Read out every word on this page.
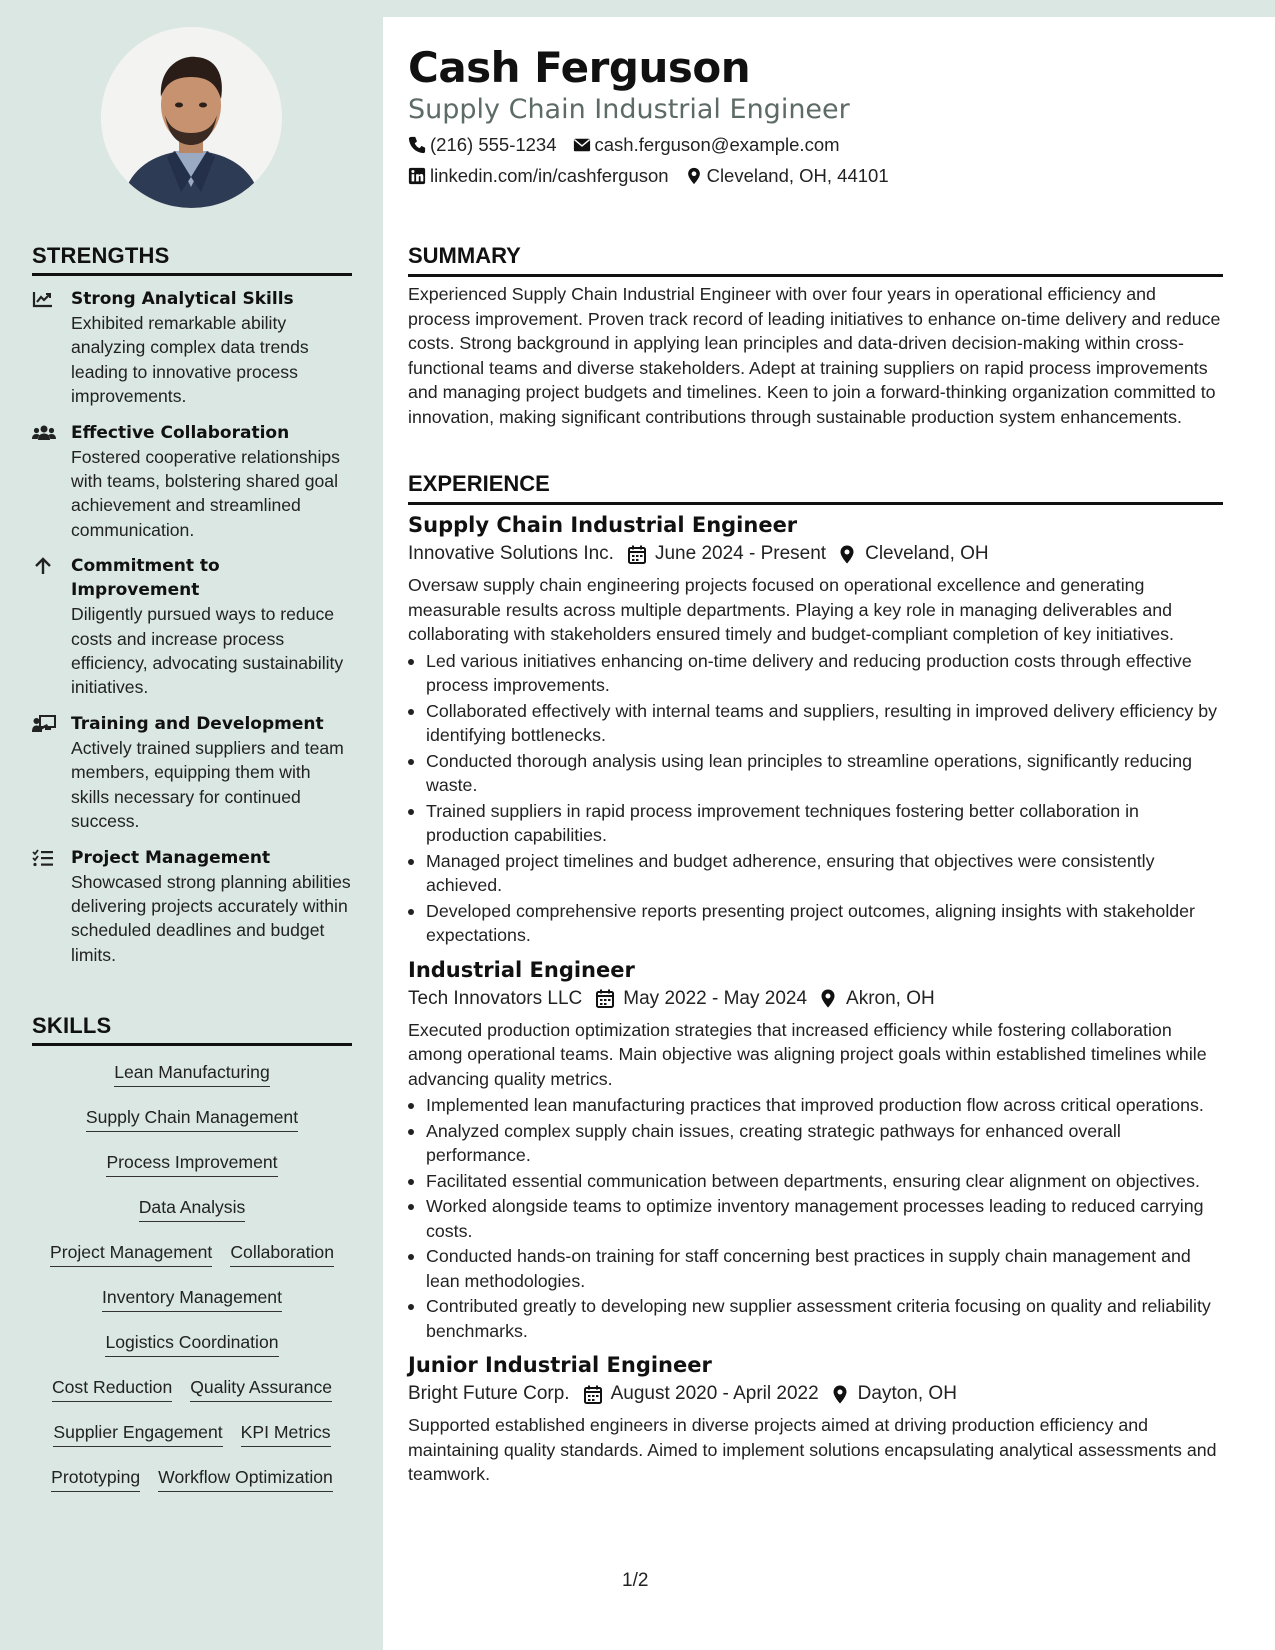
STRENGTHS
Strong Analytical Skills
Exhibited remarkable ability analyzing complex data trends leading to innovative process improvements.
Effective Collaboration
Fostered cooperative relationships with teams, bolstering shared goal achievement and streamlined communication.
Commitment to Improvement
Diligently pursued ways to reduce costs and increase process efficiency, advocating sustainability initiatives.
Training and Development
Actively trained suppliers and team members, equipping them with skills necessary for continued success.
Project Management
Showcased strong planning abilities delivering projects accurately within scheduled deadlines and budget limits.
SKILLS
Lean Manufacturing
Supply Chain Management
Process Improvement
Data Analysis
Project Management Collaboration
Inventory Management
Logistics Coordination
Cost Reduction Quality Assurance
Supplier Engagement KPI Metrics
Prototyping Workflow Optimization
Cash Ferguson
Supply Chain Industrial Engineer
(216) 555-1234 cash.ferguson@example.com
linkedin.com/in/cashferguson Cleveland, OH, 44101
SUMMARY
Experienced Supply Chain Industrial Engineer with over four years in operational efficiency and process improvement. Proven track record of leading initiatives to enhance on-time delivery and reduce costs. Strong background in applying lean principles and data-driven decision-making within cross-functional teams and diverse stakeholders. Adept at training suppliers on rapid process improvements and managing project budgets and timelines. Keen to join a forward-thinking organization committed to innovation, making significant contributions through sustainable production system enhancements.
EXPERIENCE
Supply Chain Industrial Engineer
Innovative Solutions Inc. June 2024 - Present Cleveland, OH
Oversaw supply chain engineering projects focused on operational excellence and generating measurable results across multiple departments. Playing a key role in managing deliverables and collaborating with stakeholders ensured timely and budget-compliant completion of key initiatives.
Led various initiatives enhancing on-time delivery and reducing production costs through effective process improvements.
Collaborated effectively with internal teams and suppliers, resulting in improved delivery efficiency by identifying bottlenecks.
Conducted thorough analysis using lean principles to streamline operations, significantly reducing waste.
Trained suppliers in rapid process improvement techniques fostering better collaboration in production capabilities.
Managed project timelines and budget adherence, ensuring that objectives were consistently achieved.
Developed comprehensive reports presenting project outcomes, aligning insights with stakeholder expectations.
Industrial Engineer
Tech Innovators LLC May 2022 - May 2024 Akron, OH
Executed production optimization strategies that increased efficiency while fostering collaboration among operational teams. Main objective was aligning project goals within established timelines while advancing quality metrics.
Implemented lean manufacturing practices that improved production flow across critical operations.
Analyzed complex supply chain issues, creating strategic pathways for enhanced overall performance.
Facilitated essential communication between departments, ensuring clear alignment on objectives.
Worked alongside teams to optimize inventory management processes leading to reduced carrying costs.
Conducted hands-on training for staff concerning best practices in supply chain management and lean methodologies.
Contributed greatly to developing new supplier assessment criteria focusing on quality and reliability benchmarks.
Junior Industrial Engineer
Bright Future Corp. August 2020 - April 2022 Dayton, OH
Supported established engineers in diverse projects aimed at driving production efficiency and maintaining quality standards. Aimed to implement solutions encapsulating analytical assessments and teamwork.
1/2
